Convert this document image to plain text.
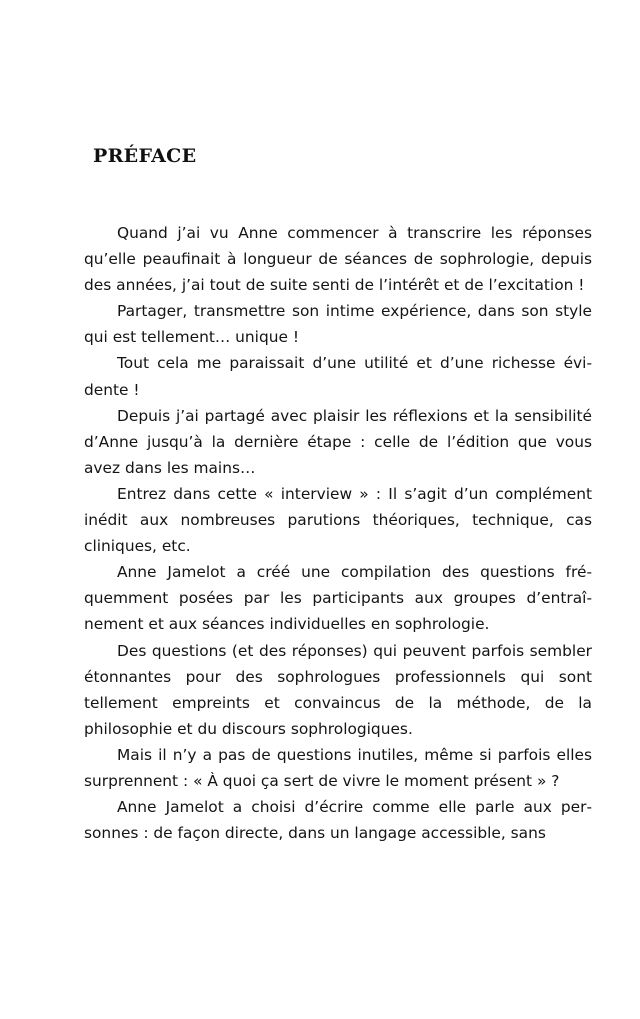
PRÉFACE

Quand j’ai vu Anne commencer à transcrire les réponses qu’elle peaufinait à longueur de séances de sophrologie, depuis des années, j’ai tout de suite senti de l’intérêt et de l’excitation !

Partager, transmettre son intime expérience, dans son style qui est tellement… unique !

Tout cela me paraissait d’une utilité et d’une richesse évidente !

Depuis j’ai partagé avec plaisir les réflexions et la sensibilité d’Anne jusqu’à la dernière étape : celle de l’édition que vous avez dans les mains…

Entrez dans cette « interview » : Il s’agit d’un complément inédit aux nombreuses parutions théoriques, technique, cas cliniques, etc.

Anne Jamelot a créé une compilation des questions fréquemment posées par les participants aux groupes d’entraînement et aux séances individuelles en sophrologie.

Des questions (et des réponses) qui peuvent parfois sembler étonnantes pour des sophrologues professionnels qui sont tellement empreints et convaincus de la méthode, de la philosophie et du discours sophrologiques.

Mais il n’y a pas de questions inutiles, même si parfois elles surprennent : « À quoi ça sert de vivre le moment présent » ?

Anne Jamelot a choisi d’écrire comme elle parle aux personnes : de façon directe, dans un langage accessible, sans
